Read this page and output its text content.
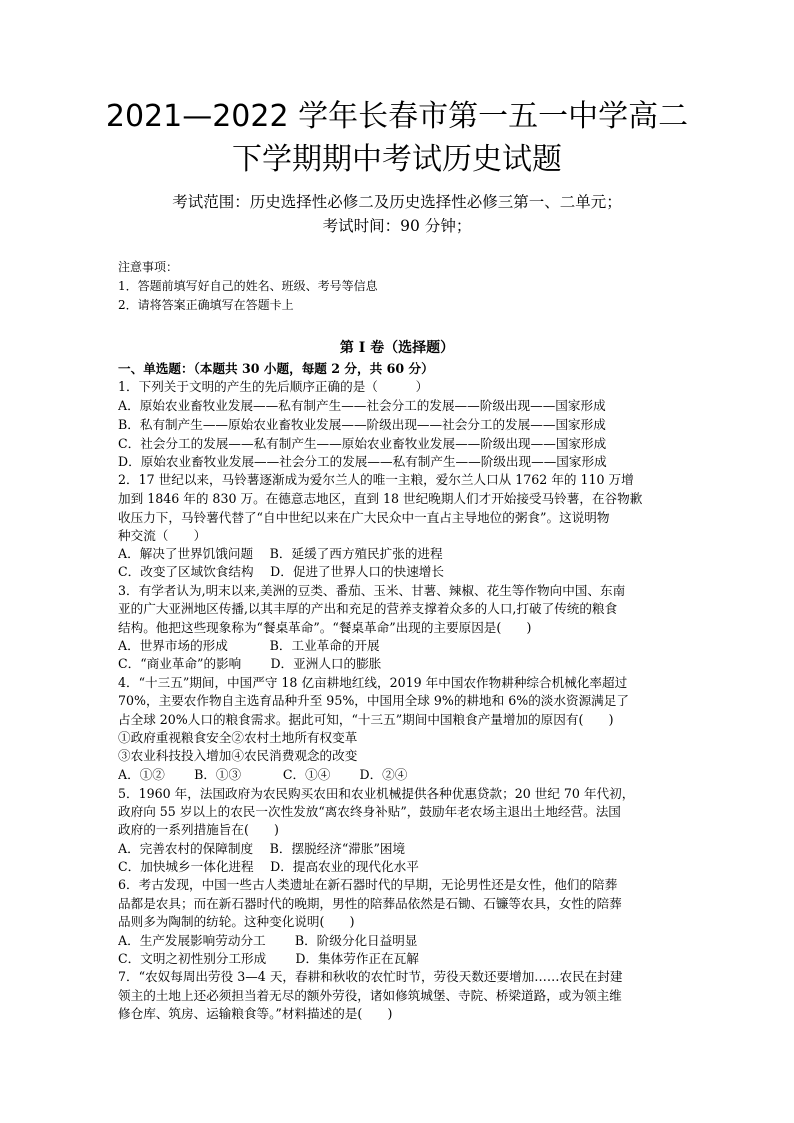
2021—2022 学年长春市第一五一中学高二
下学期期中考试历史试题
考试范围：历史选择性必修二及历史选择性必修三第一、二单元；
考试时间：90 分钟；
注意事项：
1．答题前填写好自己的姓名、班级、考号等信息
2．请将答案正确填写在答题卡上
第 I 卷（选择题）
一、单选题：（本题共 30 小题，每题 2 分，共 60 分）
1．下列关于文明的产生的先后顺序正确的是（　　　）
A．原始农业畜牧业发展——私有制产生——社会分工的发展——阶级出现——国家形成
B．私有制产生——原始农业畜牧业发展——阶级出现——社会分工的发展——国家形成
C．社会分工的发展——私有制产生——原始农业畜牧业发展——阶级出现——国家形成
D．原始农业畜牧业发展——社会分工的发展——私有制产生——阶级出现——国家形成
2．17 世纪以来，马铃薯逐渐成为爱尔兰人的唯一主粮，爱尔兰人口从 1762 年的 110 万增
加到 1846 年的 830 万。在德意志地区，直到 18 世纪晚期人们才开始接受马铃薯，在谷物歉
收压力下，马铃薯代替了“自中世纪以来在广大民众中一直占主导地位的粥食”。这说明物
种交流（　　）
A．解决了世界饥饿问题　 B．延缓了西方殖民扩张的进程
C．改变了区域饮食结构　 D．促进了世界人口的快速增长
3．有学者认为,明末以来,美洲的豆类、番茄、玉米、甘薯、辣椒、花生等作物向中国、东南
亚的广大亚洲地区传播,以其丰厚的产出和充足的营养支撑着众多的人口,打破了传统的粮食
结构。他把这些现象称为“餐桌革命”。“餐桌革命”出现的主要原因是(　　)
A．世界市场的形成　　　 B．工业革命的开展
C．“商业革命”的影响　　 D．亚洲人口的膨胀
4．“十三五”期间，中国严守 18 亿亩耕地红线，2019 年中国农作物耕种综合机械化率超过
70%，主要农作物自主选育品种升至 95%，中国用全球 9%的耕地和 6%的淡水资源满足了
占全球 20%人口的粮食需求。据此可知，“十三五”期间中国粮食产量增加的原因有(　　)
①政府重视粮食安全②农村土地所有权变革
③农业科技投入增加④农民消费观念的改变
A．①②　　 B．①③　　　 C．①④　　 D．②④
5．1960 年，法国政府为农民购买农田和农业机械提供各种优惠贷款；20 世纪 70 年代初，
政府向 55 岁以上的农民一次性发放“离农终身补贴”，鼓励年老农场主退出土地经营。法国
政府的一系列措施旨在(　　)
A．完善农村的保障制度　 B．摆脱经济“滞胀”困境
C．加快城乡一体化进程　 D．提高农业的现代化水平
6．考古发现，中国一些古人类遗址在新石器时代的早期，无论男性还是女性，他们的陪葬
品都是农具；而在新石器时代的晚期，男性的陪葬品依然是石锄、石镰等农具，女性的陪葬
品则多为陶制的纺轮。这种变化说明(　　)
A．生产发展影响劳动分工　　 B．阶级分化日益明显
C．文明之初性别分工形成　　 D．集体劳作正在瓦解
7．“农奴每周出劳役 3—4 天，春耕和秋收的农忙时节，劳役天数还要增加……农民在封建
领主的土地上还必须担当着无尽的额外劳役，诸如修筑城堡、寺院、桥梁道路，或为领主维
修仓库、筑房、运输粮食等。”材料描述的是(　　)
